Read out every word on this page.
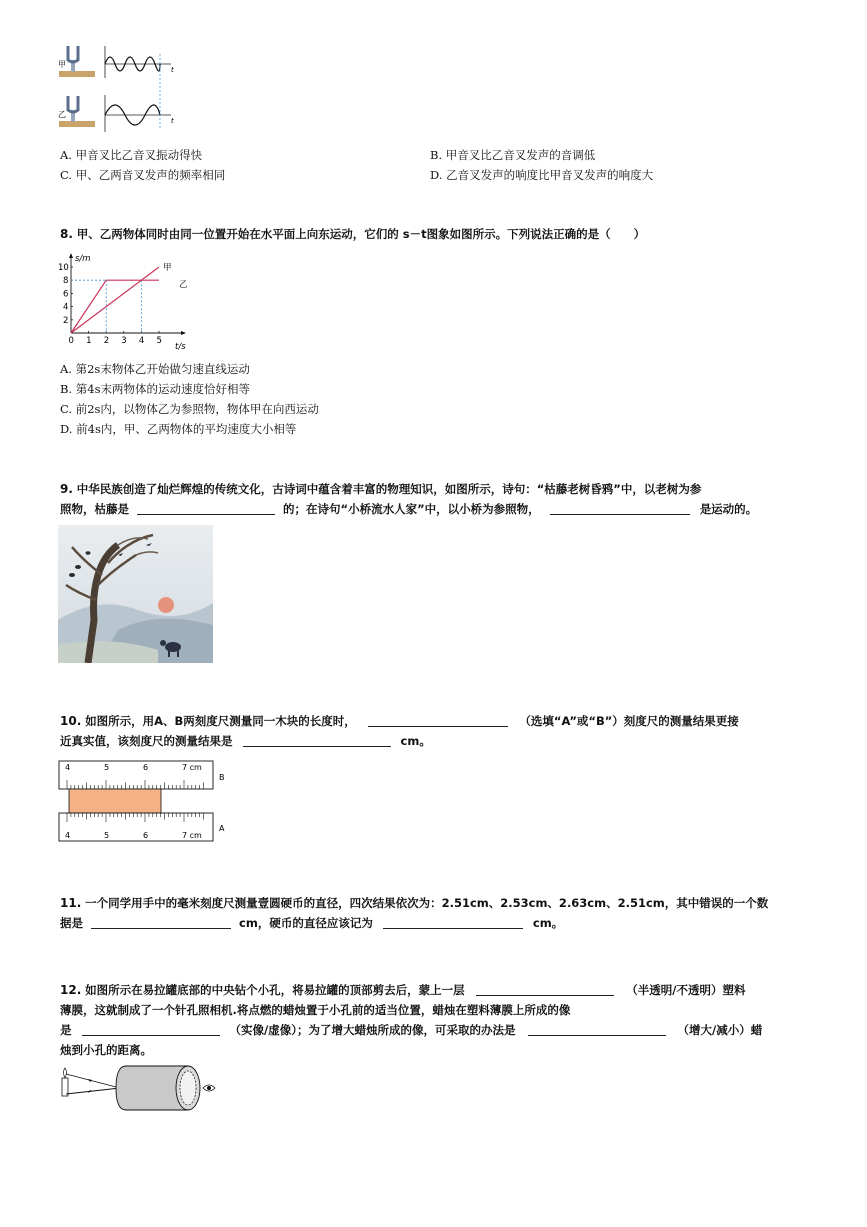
甲
t
乙
t
A. 甲音叉比乙音叉振动得快	B. 甲音叉比乙音叉发声的音调低
C. 甲、乙两音叉发声的频率相同	D. 乙音叉发声的响度比甲音叉发声的响度大
8. 甲、乙两物体同时由同一位置开始在水平面上向东运动，它们的 s－t图象如图所示。下列说法正确的是（　　）
s/m
t/s
0 1 2 3 4 5
2
4
6
8
10	甲
乙
A. 第2s末物体乙开始做匀速直线运动
B. 第4s末两物体的运动速度恰好相等
C. 前2s内，以物体乙为参照物，物体甲在向西运动
D. 前4s内，甲、乙两物体的平均速度大小相等
9. 中华民族创造了灿烂辉煌的传统文化，古诗词中蕴含着丰富的物理知识，如图所示，诗句：“枯藤老树昏鸦”中，以老树为参
照物，枯藤是	的；在诗句“小桥流水人家”中，以小桥为参照物，	是运动的。
10. 如图所示，用A、B两刻度尺测量同一木块的长度时，	（选填“A”或“B”）刻度尺的测量结果更接
近真实值，该刻度尺的测量结果是	cm。
4	5	6	7 cm
B
4	5	6	7 cm
A
11. 一个同学用手中的毫米刻度尺测量壹圆硬币的直径，四次结果依次为：2.51cm、2.53cm、2.63cm、2.51cm，其中错误的一个数
据是	cm，硬币的直径应该记为	cm。
12. 如图所示在易拉罐底部的中央钻个小孔，将易拉罐的顶部剪去后，蒙上一层	（半透明/不透明）塑料
薄膜，这就制成了一个针孔照相机.将点燃的蜡烛置于小孔前的适当位置，蜡烛在塑料薄膜上所成的像
是	（实像/虚像）；为了增大蜡烛所成的像，可采取的办法是	（增大/减小）蜡
烛到小孔的距离。
